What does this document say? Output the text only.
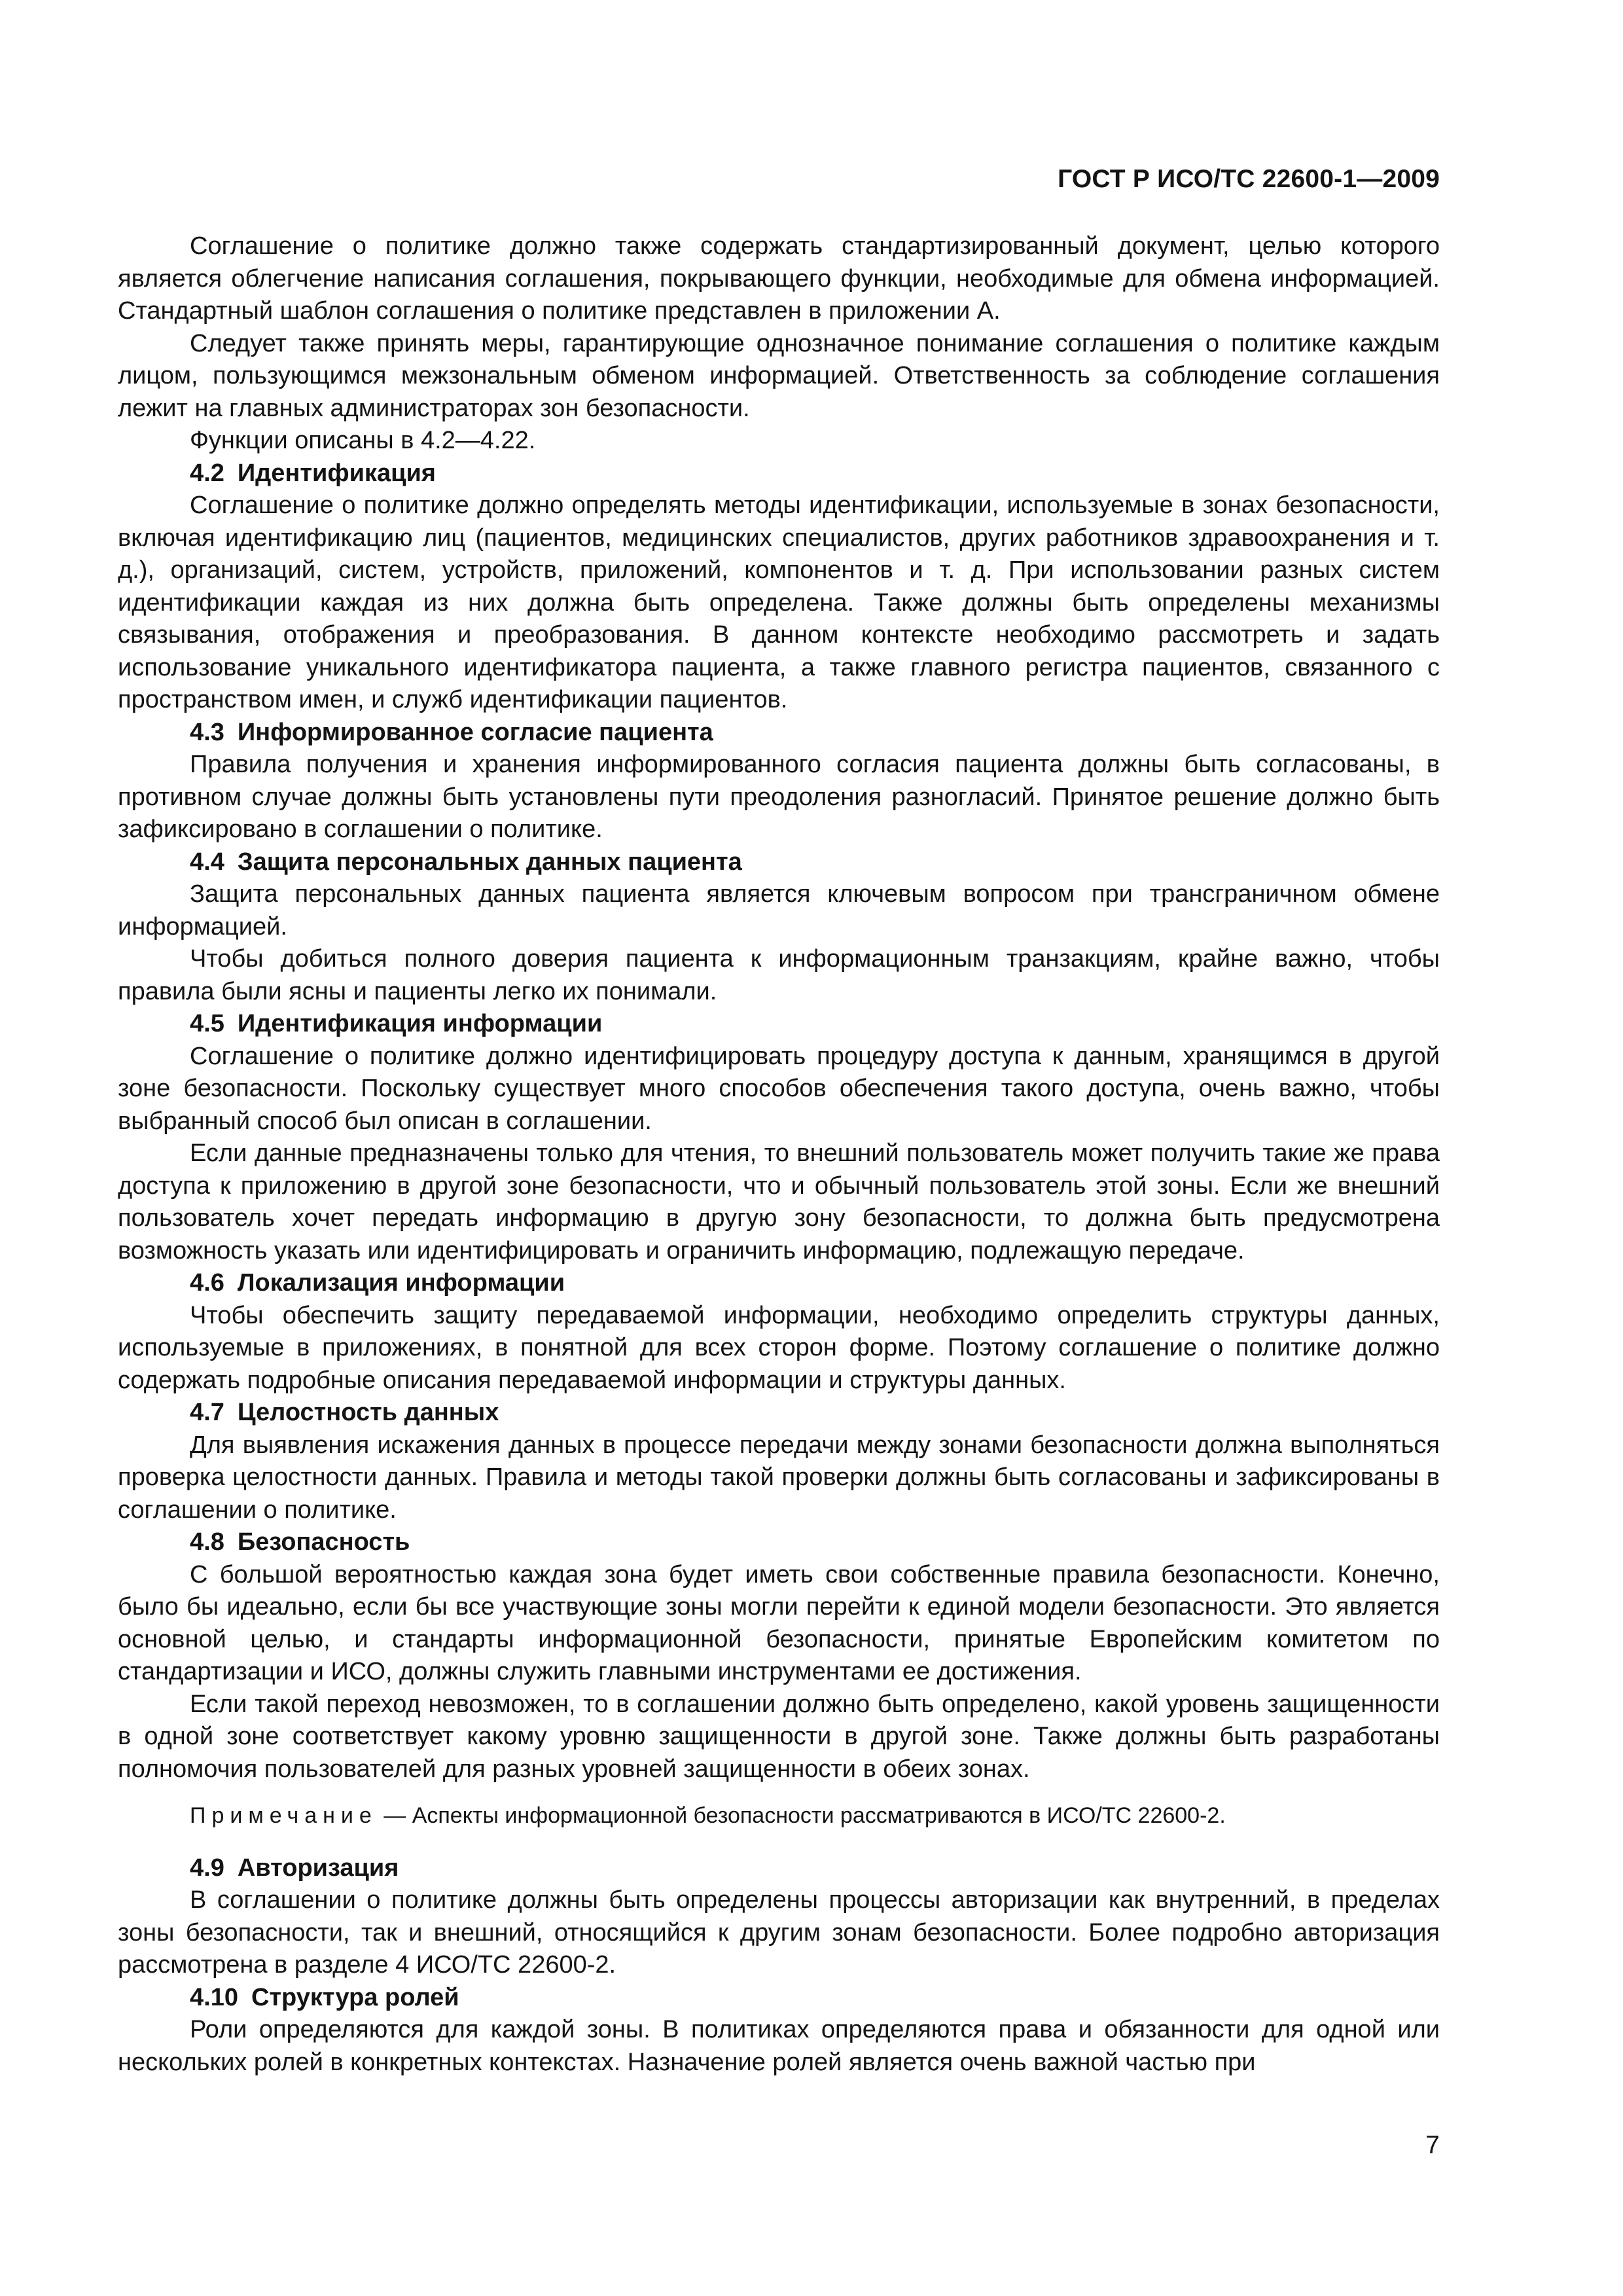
ГОСТ Р ИСО/ТС 22600-1—2009

Соглашение о политике должно также содержать стандартизированный документ, целью которого является облегчение написания соглашения, покрывающего функции, необходимые для обмена информацией. Стандартный шаблон соглашения о политике представлен в приложении А.

Следует также принять меры, гарантирующие однозначное понимание соглашения о политике каждым лицом, пользующимся межзональным обменом информацией. Ответственность за соблюдение соглашения лежит на главных администраторах зон безопасности.

Функции описаны в 4.2—4.22.

4.2 Идентификация

Соглашение о политике должно определять методы идентификации, используемые в зонах безопасности, включая идентификацию лиц (пациентов, медицинских специалистов, других работников здравоохранения и т. д.), организаций, систем, устройств, приложений, компонентов и т. д. При использовании разных систем идентификации каждая из них должна быть определена. Также должны быть определены механизмы связывания, отображения и преобразования. В данном контексте необходимо рассмотреть и задать использование уникального идентификатора пациента, а также главного регистра пациентов, связанного с пространством имен, и служб идентификации пациентов.

4.3 Информированное согласие пациента

Правила получения и хранения информированного согласия пациента должны быть согласованы, в противном случае должны быть установлены пути преодоления разногласий. Принятое решение должно быть зафиксировано в соглашении о политике.

4.4 Защита персональных данных пациента

Защита персональных данных пациента является ключевым вопросом при трансграничном обмене информацией.

Чтобы добиться полного доверия пациента к информационным транзакциям, крайне важно, чтобы правила были ясны и пациенты легко их понимали.

4.5 Идентификация информации

Соглашение о политике должно идентифицировать процедуру доступа к данным, хранящимся в другой зоне безопасности. Поскольку существует много способов обеспечения такого доступа, очень важно, чтобы выбранный способ был описан в соглашении.

Если данные предназначены только для чтения, то внешний пользователь может получить такие же права доступа к приложению в другой зоне безопасности, что и обычный пользователь этой зоны. Если же внешний пользователь хочет передать информацию в другую зону безопасности, то должна быть предусмотрена возможность указать или идентифицировать и ограничить информацию, подлежащую передаче.

4.6 Локализация информации

Чтобы обеспечить защиту передаваемой информации, необходимо определить структуры данных, используемые в приложениях, в понятной для всех сторон форме. Поэтому соглашение о политике должно содержать подробные описания передаваемой информации и структуры данных.

4.7 Целостность данных

Для выявления искажения данных в процессе передачи между зонами безопасности должна выполняться проверка целостности данных. Правила и методы такой проверки должны быть согласованы и зафиксированы в соглашении о политике.

4.8 Безопасность

С большой вероятностью каждая зона будет иметь свои собственные правила безопасности. Конечно, было бы идеально, если бы все участвующие зоны могли перейти к единой модели безопасности. Это является основной целью, и стандарты информационной безопасности, принятые Европейским комитетом по стандартизации и ИСО, должны служить главными инструментами ее достижения.

Если такой переход невозможен, то в соглашении должно быть определено, какой уровень защищенности в одной зоне соответствует какому уровню защищенности в другой зоне. Также должны быть разработаны полномочия пользователей для разных уровней защищенности в обеих зонах.

Примечание — Аспекты информационной безопасности рассматриваются в ИСО/ТС 22600-2.

4.9 Авторизация

В соглашении о политике должны быть определены процессы авторизации как внутренний, в пределах зоны безопасности, так и внешний, относящийся к другим зонам безопасности. Более подробно авторизация рассмотрена в разделе 4 ИСО/ТС 22600-2.

4.10 Структура ролей

Роли определяются для каждой зоны. В политиках определяются права и обязанности для одной или нескольких ролей в конкретных контекстах. Назначение ролей является очень важной частью при

7
